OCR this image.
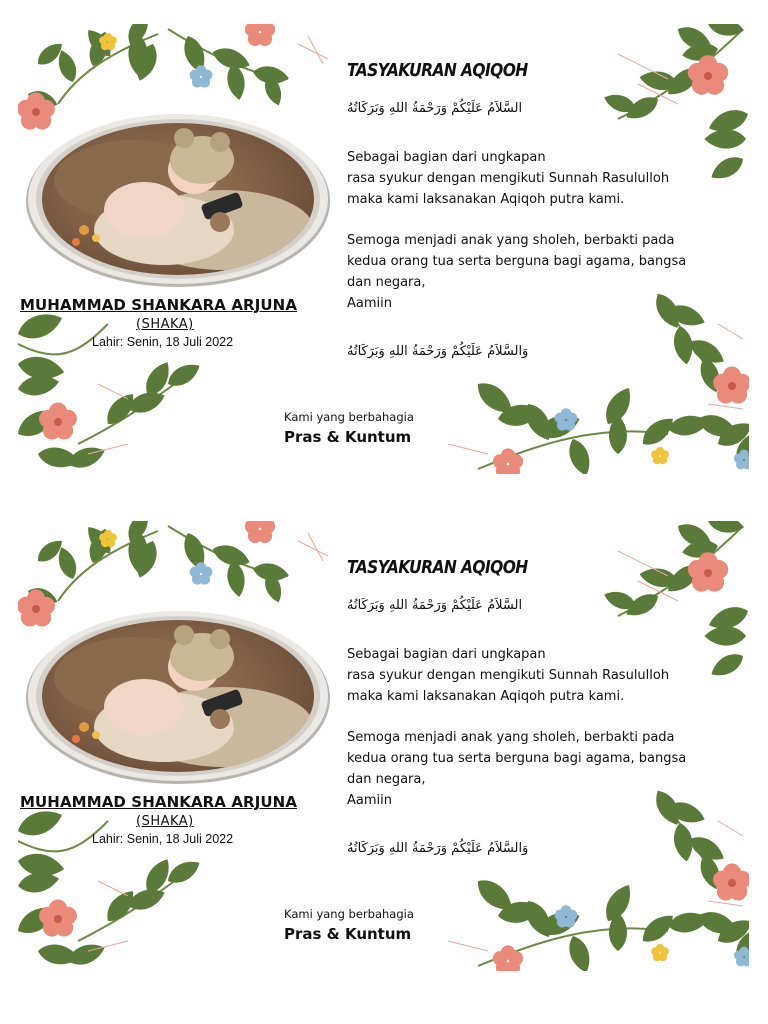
MUHAMMAD SHANKARA ARJUNA
(SHAKA)
Lahir: Senin, 18 Juli 2022
TASYAKURAN AQIQOH
السَّلاَمُ عَلَيْكُمْ وَرَحْمَةُ اللهِ وَبَرَكَاتُهُ

Sebagai bagian dari ungkapan

rasa syukur dengan mengikuti Sunnah Rasululloh

maka kami laksanakan Aqiqoh putra kami.

Semoga menjadi anak yang sholeh, berbakti pada

kedua orang tua serta berguna bagi agama, bangsa

dan negara,

Aamiin

وَالسَّلاَمُ عَلَيْكُمْ وَرَحْمَةُ اللهِ وَبَرَكَاتُهُ
Kami yang berbahagia
Pras & Kuntum
MUHAMMAD SHANKARA ARJUNA
(SHAKA)
Lahir: Senin, 18 Juli 2022
TASYAKURAN AQIQOH
السَّلاَمُ عَلَيْكُمْ وَرَحْمَةُ اللهِ وَبَرَكَاتُهُ

Sebagai bagian dari ungkapan

rasa syukur dengan mengikuti Sunnah Rasululloh

maka kami laksanakan Aqiqoh putra kami.

Semoga menjadi anak yang sholeh, berbakti pada

kedua orang tua serta berguna bagi agama, bangsa

dan negara,

Aamiin

وَالسَّلاَمُ عَلَيْكُمْ وَرَحْمَةُ اللهِ وَبَرَكَاتُهُ
Kami yang berbahagia
Pras & Kuntum
